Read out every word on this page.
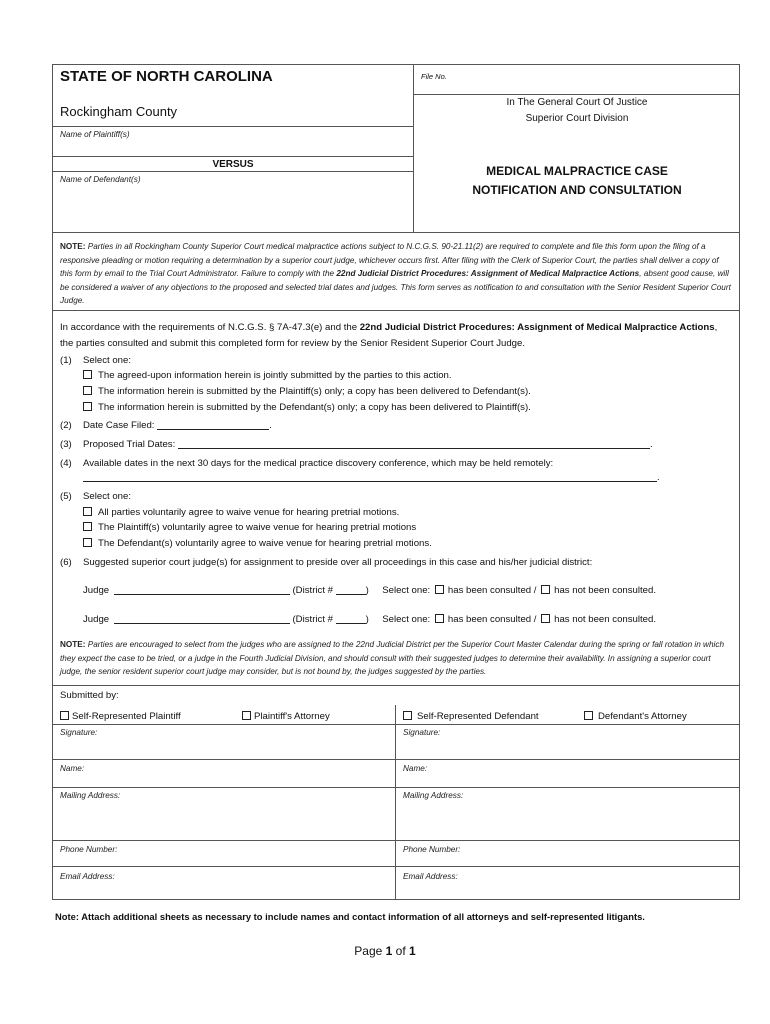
STATE OF NORTH CAROLINA	File No.
Rockingham County
In The General Court Of Justice
Superior Court Division
Name of Plaintiff(s)
VERSUS
Name of Defendant(s)
MEDICAL MALPRACTICE CASE
NOTIFICATION AND CONSULTATION
NOTE: Parties in all Rockingham County Superior Court medical malpractice actions subject to N.C.G.S. 90-21.11(2) are required to complete and file this form upon the filing of a responsive pleading or motion requiring a determination by a superior court judge, whichever occurs first. After filing with the Clerk of Superior Court, the parties shall deliver a copy of this form by email to the Trial Court Administrator. Failure to comply with the 22nd Judicial District Procedures: Assignment of Medical Malpractice Actions, absent good cause, will be considered a waiver of any objections to the proposed and selected trial dates and judges. This form serves as notification to and consultation with the Senior Resident Superior Court Judge.
In accordance with the requirements of N.C.G.S. § 7A-47.3(e) and the 22nd Judicial District Procedures: Assignment of Medical Malpractice Actions, the parties consulted and submit this completed form for review by the Senior Resident Superior Court Judge.
(1) Select one:
The agreed-upon information herein is jointly submitted by the parties to this action.
The information herein is submitted by the Plaintiff(s) only; a copy has been delivered to Defendant(s).
The information herein is submitted by the Defendant(s) only; a copy has been delivered to Plaintiff(s).
(2) Date Case Filed:	.
(3) Proposed Trial Dates:	.
(4) Available dates in the next 30 days for the medical practice discovery conference, which may be held remotely:
.
(5) Select one:
All parties voluntarily agree to waive venue for hearing pretrial motions.
The Plaintiff(s) voluntarily agree to waive venue for hearing pretrial motions
The Defendant(s) voluntarily agree to waive venue for hearing pretrial motions.
(6) Suggested superior court judge(s) for assignment to preside over all proceedings in this case and his/her judicial district:
Judge	(District #	) Select one: has been consulted / has not been consulted.
Judge	(District #	) Select one: has been consulted / has not been consulted.
NOTE: Parties are encouraged to select from the judges who are assigned to the 22nd Judicial District per the Superior Court Master Calendar during the spring or fall rotation in which they expect the case to be tried, or a judge in the Fourth Judicial Division, and should consult with their suggested judges to determine their availability. In assigning a superior court judge, the senior resident superior court judge may consider, but is not bound by, the judges suggested by the parties.
Submitted by:
Self-Represented Plaintiff	Plaintiff's Attorney	Self-Represented Defendant	Defendant's Attorney
Signature:	Signature:
Name:	Name:
Mailing Address:	Mailing Address:
Phone Number:	Phone Number:
Email Address:	Email Address:
Note: Attach additional sheets as necessary to include names and contact information of all attorneys and self-represented litigants.
Page 1 of 1
